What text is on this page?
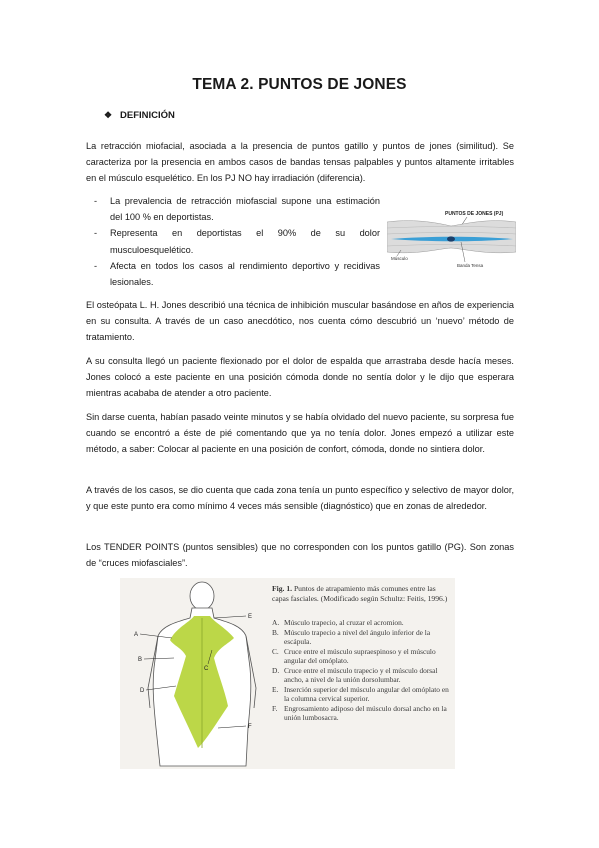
TEMA 2. PUNTOS DE JONES
❖ DEFINICIÓN

La retracción miofacial, asociada a la presencia de puntos gatillo y puntos de jones (similitud). Se caracteriza por la presencia en ambos casos de bandas tensas palpables y puntos altamente irritables en el músculo esquelético. En los PJ NO hay irradiación (diferencia).

- La prevalencia de retracción miofascial supone una estimación del 100 % en deportistas.
- Representa en deportistas el 90% de su dolor musculoesquelético.
- Afecta en todos los casos al rendimiento deportivo y recidivas lesionales.
PUNTOS DE JONES (PJ)
Músculo
Banda Tensa

El osteópata L. H. Jones describió una técnica de inhibición muscular basándose en años de experiencia en su consulta. A través de un caso anecdótico, nos cuenta cómo descubrió un ‘nuevo’ método de tratamiento.

A su consulta llegó un paciente flexionado por el dolor de espalda que arrastraba desde hacía meses. Jones colocó a este paciente en una posición cómoda donde no sentía dolor y le dijo que esperara mientras acababa de atender a otro paciente.

Sin darse cuenta, habían pasado veinte minutos y se había olvidado del nuevo paciente, su sorpresa fue cuando se encontró a éste de pié comentando que ya no tenía dolor. Jones empezó a utilizar este método, a saber: Colocar al paciente en una posición de confort, cómoda, donde no sintiera dolor.

A través de los casos, se dio cuenta que cada zona tenía un punto específico y selectivo de mayor dolor, y que este punto era como mínimo 4 veces más sensible (diagnóstico) que en zonas de alrededor.

Los TENDER POINTS (puntos sensibles) que no corresponden con los puntos gatillo (PG). Son zonas de “cruces miofasciales”.

A
B
C
D
E
F
Fig. 1. Puntos de atrapamiento más comunes entre las capas fasciales. (Modificado según Schultz: Feitis, 1996.)
A. Músculo trapecio, al cruzar el acromion.
B. Músculo trapecio a nivel del ángulo inferior de la escápula.
C. Cruce entre el músculo supraespinoso y el músculo angular del omóplato.
D. Cruce entre el músculo trapecio y el músculo dorsal ancho, a nivel de la unión dorsolumbar.
E. Inserción superior del músculo angular del omóplato en la columna cervical superior.
F. Engrosamiento adiposo del músculo dorsal ancho en la unión lumbosacra.
